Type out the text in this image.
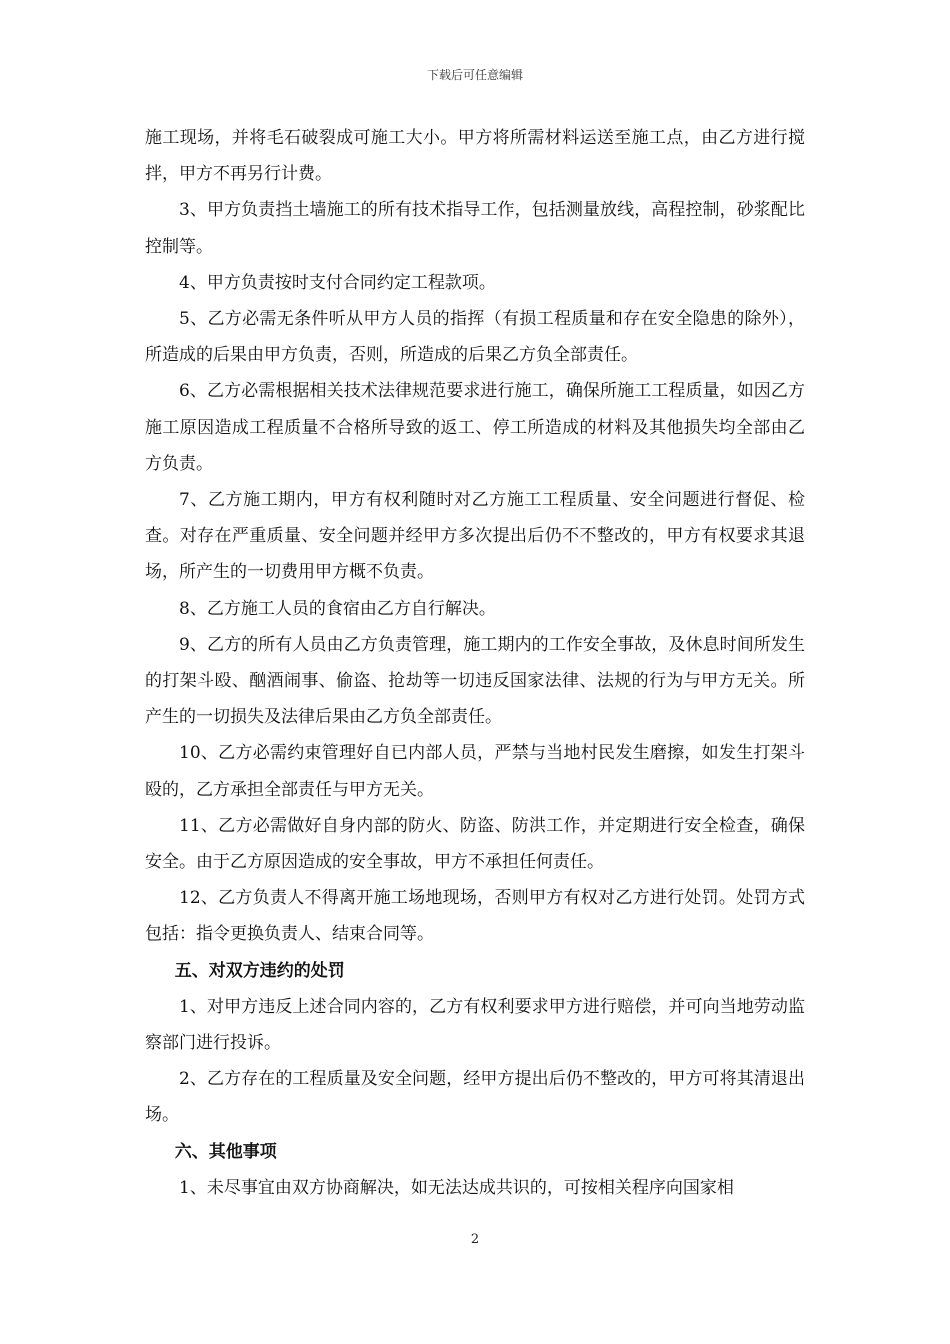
下载后可任意编辑

施工现场，并将毛石破裂成可施工大小。甲方将所需材料运送至施工点，由乙方进行搅拌，甲方不再另行计费。

3、甲方负责挡土墙施工的所有技术指导工作，包括测量放线，高程控制，砂浆配比控制等。

4、甲方负责按时支付合同约定工程款项。

5、乙方必需无条件听从甲方人员的指挥（有损工程质量和存在安全隐患的除外），所造成的后果由甲方负责，否则，所造成的后果乙方负全部责任。

6、乙方必需根据相关技术法律规范要求进行施工，确保所施工工程质量，如因乙方施工原因造成工程质量不合格所导致的返工、停工所造成的材料及其他损失均全部由乙方负责。

7、乙方施工期内，甲方有权利随时对乙方施工工程质量、安全问题进行督促、检查。对存在严重质量、安全问题并经甲方多次提出后仍不不整改的，甲方有权要求其退场，所产生的一切费用甲方概不负责。

8、乙方施工人员的食宿由乙方自行解决。

9、乙方的所有人员由乙方负责管理，施工期内的工作安全事故，及休息时间所发生的打架斗殴、酗酒闹事、偷盗、抢劫等一切违反国家法律、法规的行为与甲方无关。所产生的一切损失及法律后果由乙方负全部责任。

10、乙方必需约束管理好自已内部人员，严禁与当地村民发生磨擦，如发生打架斗殴的，乙方承担全部责任与甲方无关。

11、乙方必需做好自身内部的防火、防盗、防洪工作，并定期进行安全检查，确保安全。由于乙方原因造成的安全事故，甲方不承担任何责任。

12、乙方负责人不得离开施工场地现场，否则甲方有权对乙方进行处罚。处罚方式包括：指令更换负责人、结束合同等。

五、对双方违约的处罚

1、对甲方违反上述合同内容的，乙方有权利要求甲方进行赔偿，并可向当地劳动监察部门进行投诉。

2、乙方存在的工程质量及安全问题，经甲方提出后仍不整改的，甲方可将其清退出场。

六、其他事项

1、未尽事宜由双方协商解决，如无法达成共识的，可按相关程序向国家相

2
